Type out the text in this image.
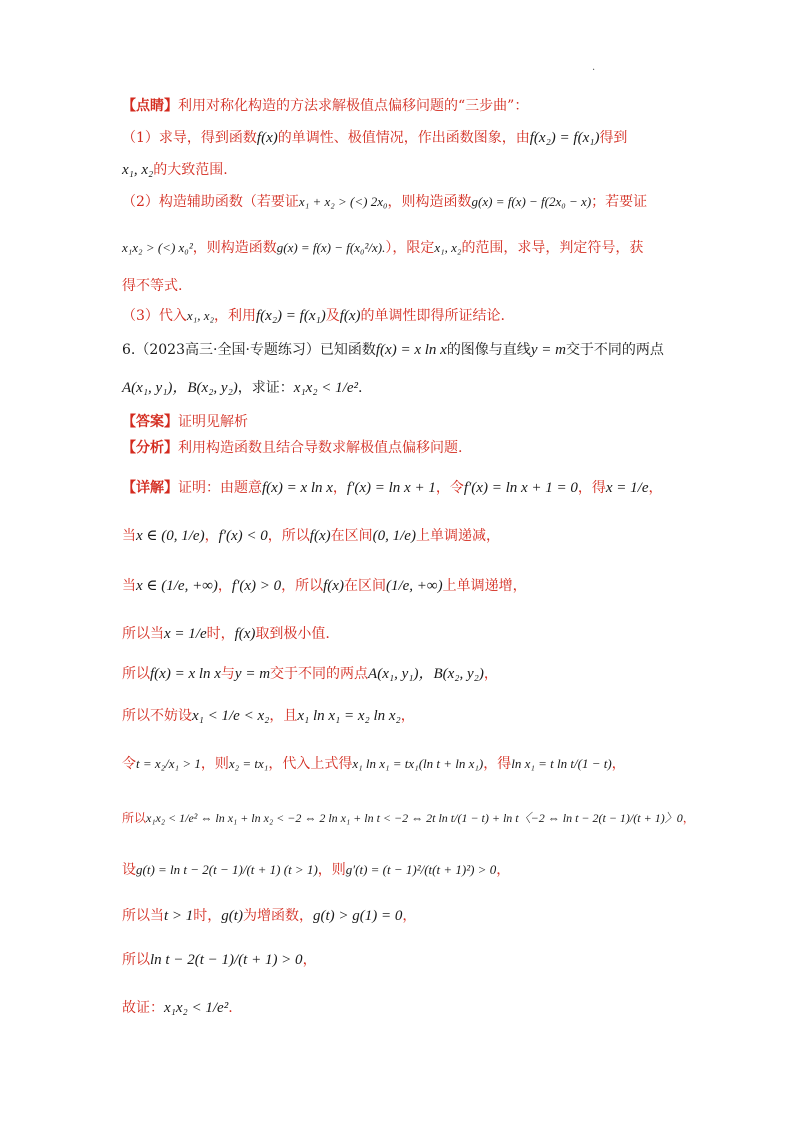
.
【点睛】利用对称化构造的方法求解极值点偏移问题的“三步曲”：
（1）求导，得到函数f(x)的单调性、极值情况，作出函数图象，由f(x₂) = f(x₁)得到
x₁, x₂的大致范围.
（2）构造辅助函数（若要证x₁ + x₂ > (<) 2x₀，则构造函数g(x) = f(x) − f(2x₀ − x)；若要证
x₁x₂ > (<) x₀²，则构造函数g(x) = f(x) − f(x₀²/x).），限定x₁, x₂的范围，求导，判定符号，获
得不等式.
（3）代入x₁, x₂，利用f(x₂) = f(x₁)及f(x)的单调性即得所证结论.
6.（2023高三·全国·专题练习）已知函数f(x) = x ln x的图像与直线y = m交于不同的两点
A(x₁, y₁)，B(x₂, y₂)，求证：x₁x₂ < 1/e².
【答案】证明见解析
【分析】利用构造函数且结合导数求解极值点偏移问题.
【详解】证明：由题意f(x) = x ln x，f′(x) = ln x + 1，令f′(x) = ln x + 1 = 0，得x = 1/e，
当x ∈ (0, 1/e)，f′(x) < 0，所以f(x)在区间(0, 1/e)上单调递减，
当x ∈ (1/e, +∞)，f′(x) > 0，所以f(x)在区间(1/e, +∞)上单调递增，
所以当x = 1/e时，f(x)取到极小值.
所以f(x) = x ln x与y = m交于不同的两点A(x₁, y₁)，B(x₂, y₂)，
所以不妨设x₁ < 1/e < x₂，且x₁ ln x₁ = x₂ ln x₂，
令t = x₂/x₁ > 1，则x₂ = tx₁，代入上式得x₁ ln x₁ = tx₁(ln t + ln x₁)，得ln x₁ = t ln t/(1 − t)，
所以x₁x₂ < 1/e² ⇔ ln x₁ + ln x₂ < −2 ⇔ 2 ln x₁ + ln t < −2 ⇔ 2t ln t/(1 − t) + ln t〈−2 ⇔ ln t − 2(t − 1)/(t + 1)〉0，
设g(t) = ln t − 2(t − 1)/(t + 1) (t > 1)，则g′(t) = (t − 1)²/(t(t + 1)²) > 0，
所以当t > 1时，g(t)为增函数，g(t) > g(1) = 0，
所以ln t − 2(t − 1)/(t + 1) > 0，
故证：x₁x₂ < 1/e².
